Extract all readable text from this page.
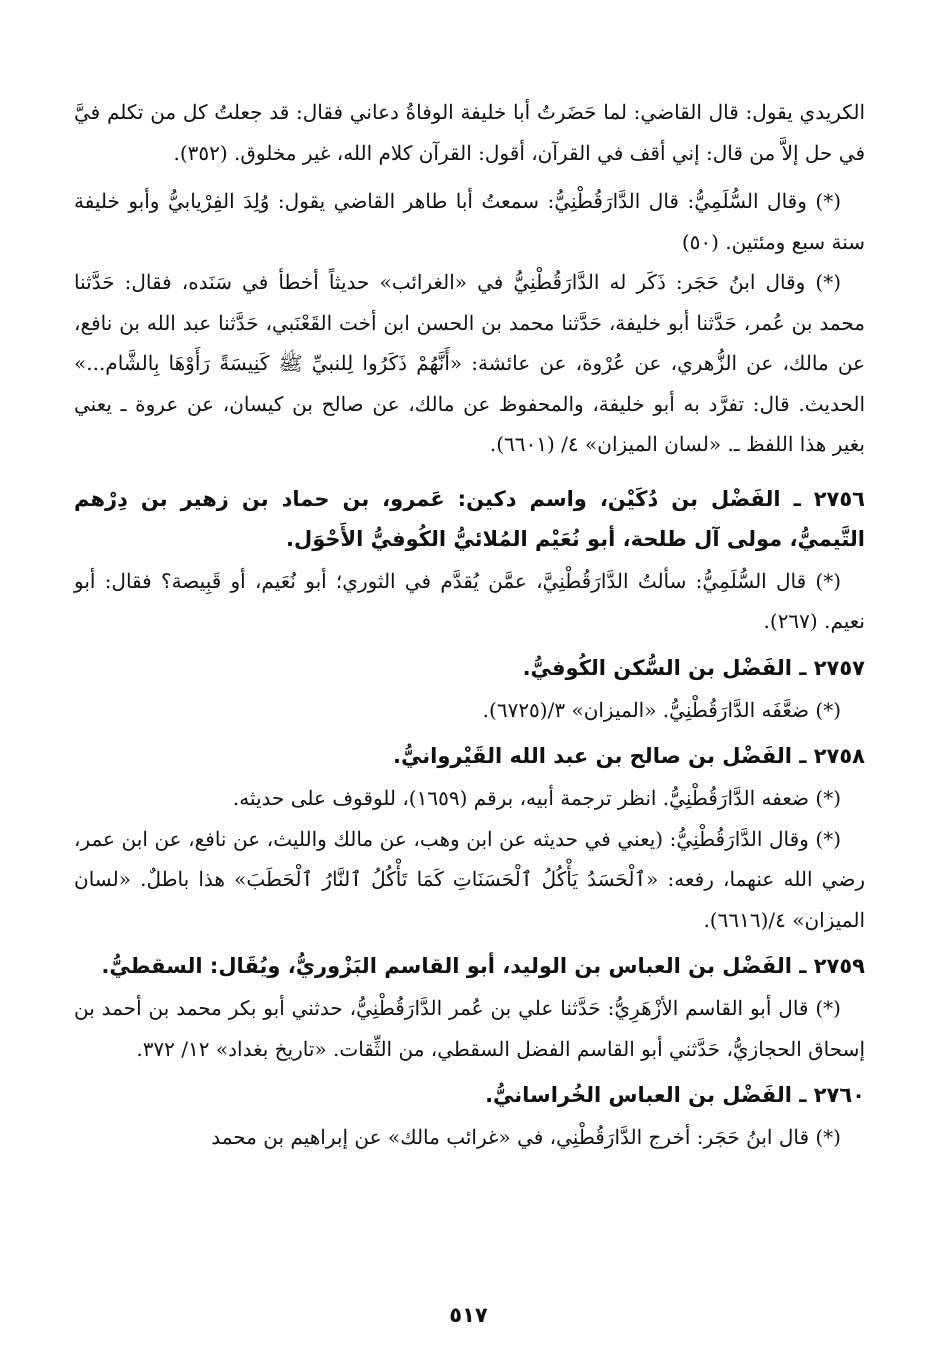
الكريدي يقول: قال القاضي: لما حَضَرتُ أبا خليفة الوفاةُ دعاني فقال: قد جعلتُ كل من تكلم فيَّ في حل إلاَّ من قال: إني أقف في القرآن، أقول: القرآن كلام الله، غير مخلوق. (٣٥٢).

(*) وقال السُّلَمِيُّ: قال الدَّارَقُطْنِيُّ: سمعتُ أبا طاهر القاضي يقول: وُلِدَ الفِرْيابيُّ وأبو خليفة سنة سبع ومئتين. (٥٠)

(*) وقال ابنُ حَجَر: ذَكَر له الدَّارَقُطْنِيُّ في «الغرائب» حديثاً أخطأ في سَنَده، فقال: حَدَّثنا محمد بن عُمر، حَدَّثنا أبو خليفة، حَدَّثنا محمد بن الحسن ابن أخت القَعْنَبي، حَدَّثنا عبد الله بن نافع، عن مالك، عن الزُّهري، عن عُرْوة، عن عائشة: «أَنَّهُمْ ذَكَرُوا لِلنبيِّ ﷺ كَنِيسَةً رَأَوْهَا بِالشَّام...» الحديث. قال: تفرَّد به أبو خليفة، والمحفوظ عن مالك، عن صالح بن كيسان، عن عروة ـ يعني بغير هذا اللفظ ـ. «لسان الميزان» ٤/ (٦٦٠١).

٢٧٥٦ ـ الفَضْل بن دُكَيْن، واسم دكين: عَمرو، بن حماد بن زهير بن دِرْهم التَّيميُّ، مولى آل طلحة، أبو نُعَيْم المُلائيُّ الكُوفيُّ الأَحْوَل.

(*) قال السُّلَمِيُّ: سألتُ الدَّارَقُطْنِيَّ، عمَّن يُقدَّم في الثوري؛ أبو نُعَيم، أو قَبِيصة؟ فقال: أبو نعيم. (٢٦٧).

٢٧٥٧ ـ الفَضْل بن السُّكن الكُوفيُّ.

(*) ضعَّفَه الدَّارَقُطْنِيُّ. «الميزان» ٣/(٦٧٢٥).

٢٧٥٨ ـ الفَضْل بن صالح بن عبد الله القَيْروانيُّ.

(*) ضعفه الدَّارَقُطْنِيُّ. انظر ترجمة أبيه، برقم (١٦٥٩)، للوقوف على حديثه.

(*) وقال الدَّارَقُطْنِيُّ: (يعني في حديثه عن ابن وهب، عن مالك والليث، عن نافع، عن ابن عمر، رضي الله عنهما، رفعه: «ٱلْحَسَدُ يَأْكُلُ ٱلْحَسَنَاتِ كَمَا تَأْكُلُ ٱلنَّارُ ٱلْحَطَبَ» هذا باطلٌ. «لسان الميزان» ٤/(٦٦١٦).

٢٧٥٩ ـ الفَضْل بن العباس بن الوليد، أبو القاسم البَزْوريُّ، ويُقَال: السقطيُّ.

(*) قال أبو القاسم الأزْهَرِيُّ: حَدَّثنا علي بن عُمر الدَّارَقُطْنِيُّ، حدثني أبو بكر محمد بن أحمد بن إسحاق الحجازيُّ، حَدَّثني أبو القاسم الفضل السقطي، من الثِّقات. «تاريخ بغداد» ١٢/ ٣٧٢.

٢٧٦٠ ـ الفَضْل بن العباس الخُراسانيُّ.

(*) قال ابنُ حَجَر: أخرج الدَّارَقُطْنِي، في «غرائب مالك» عن إبراهيم بن محمد

٥١٧
